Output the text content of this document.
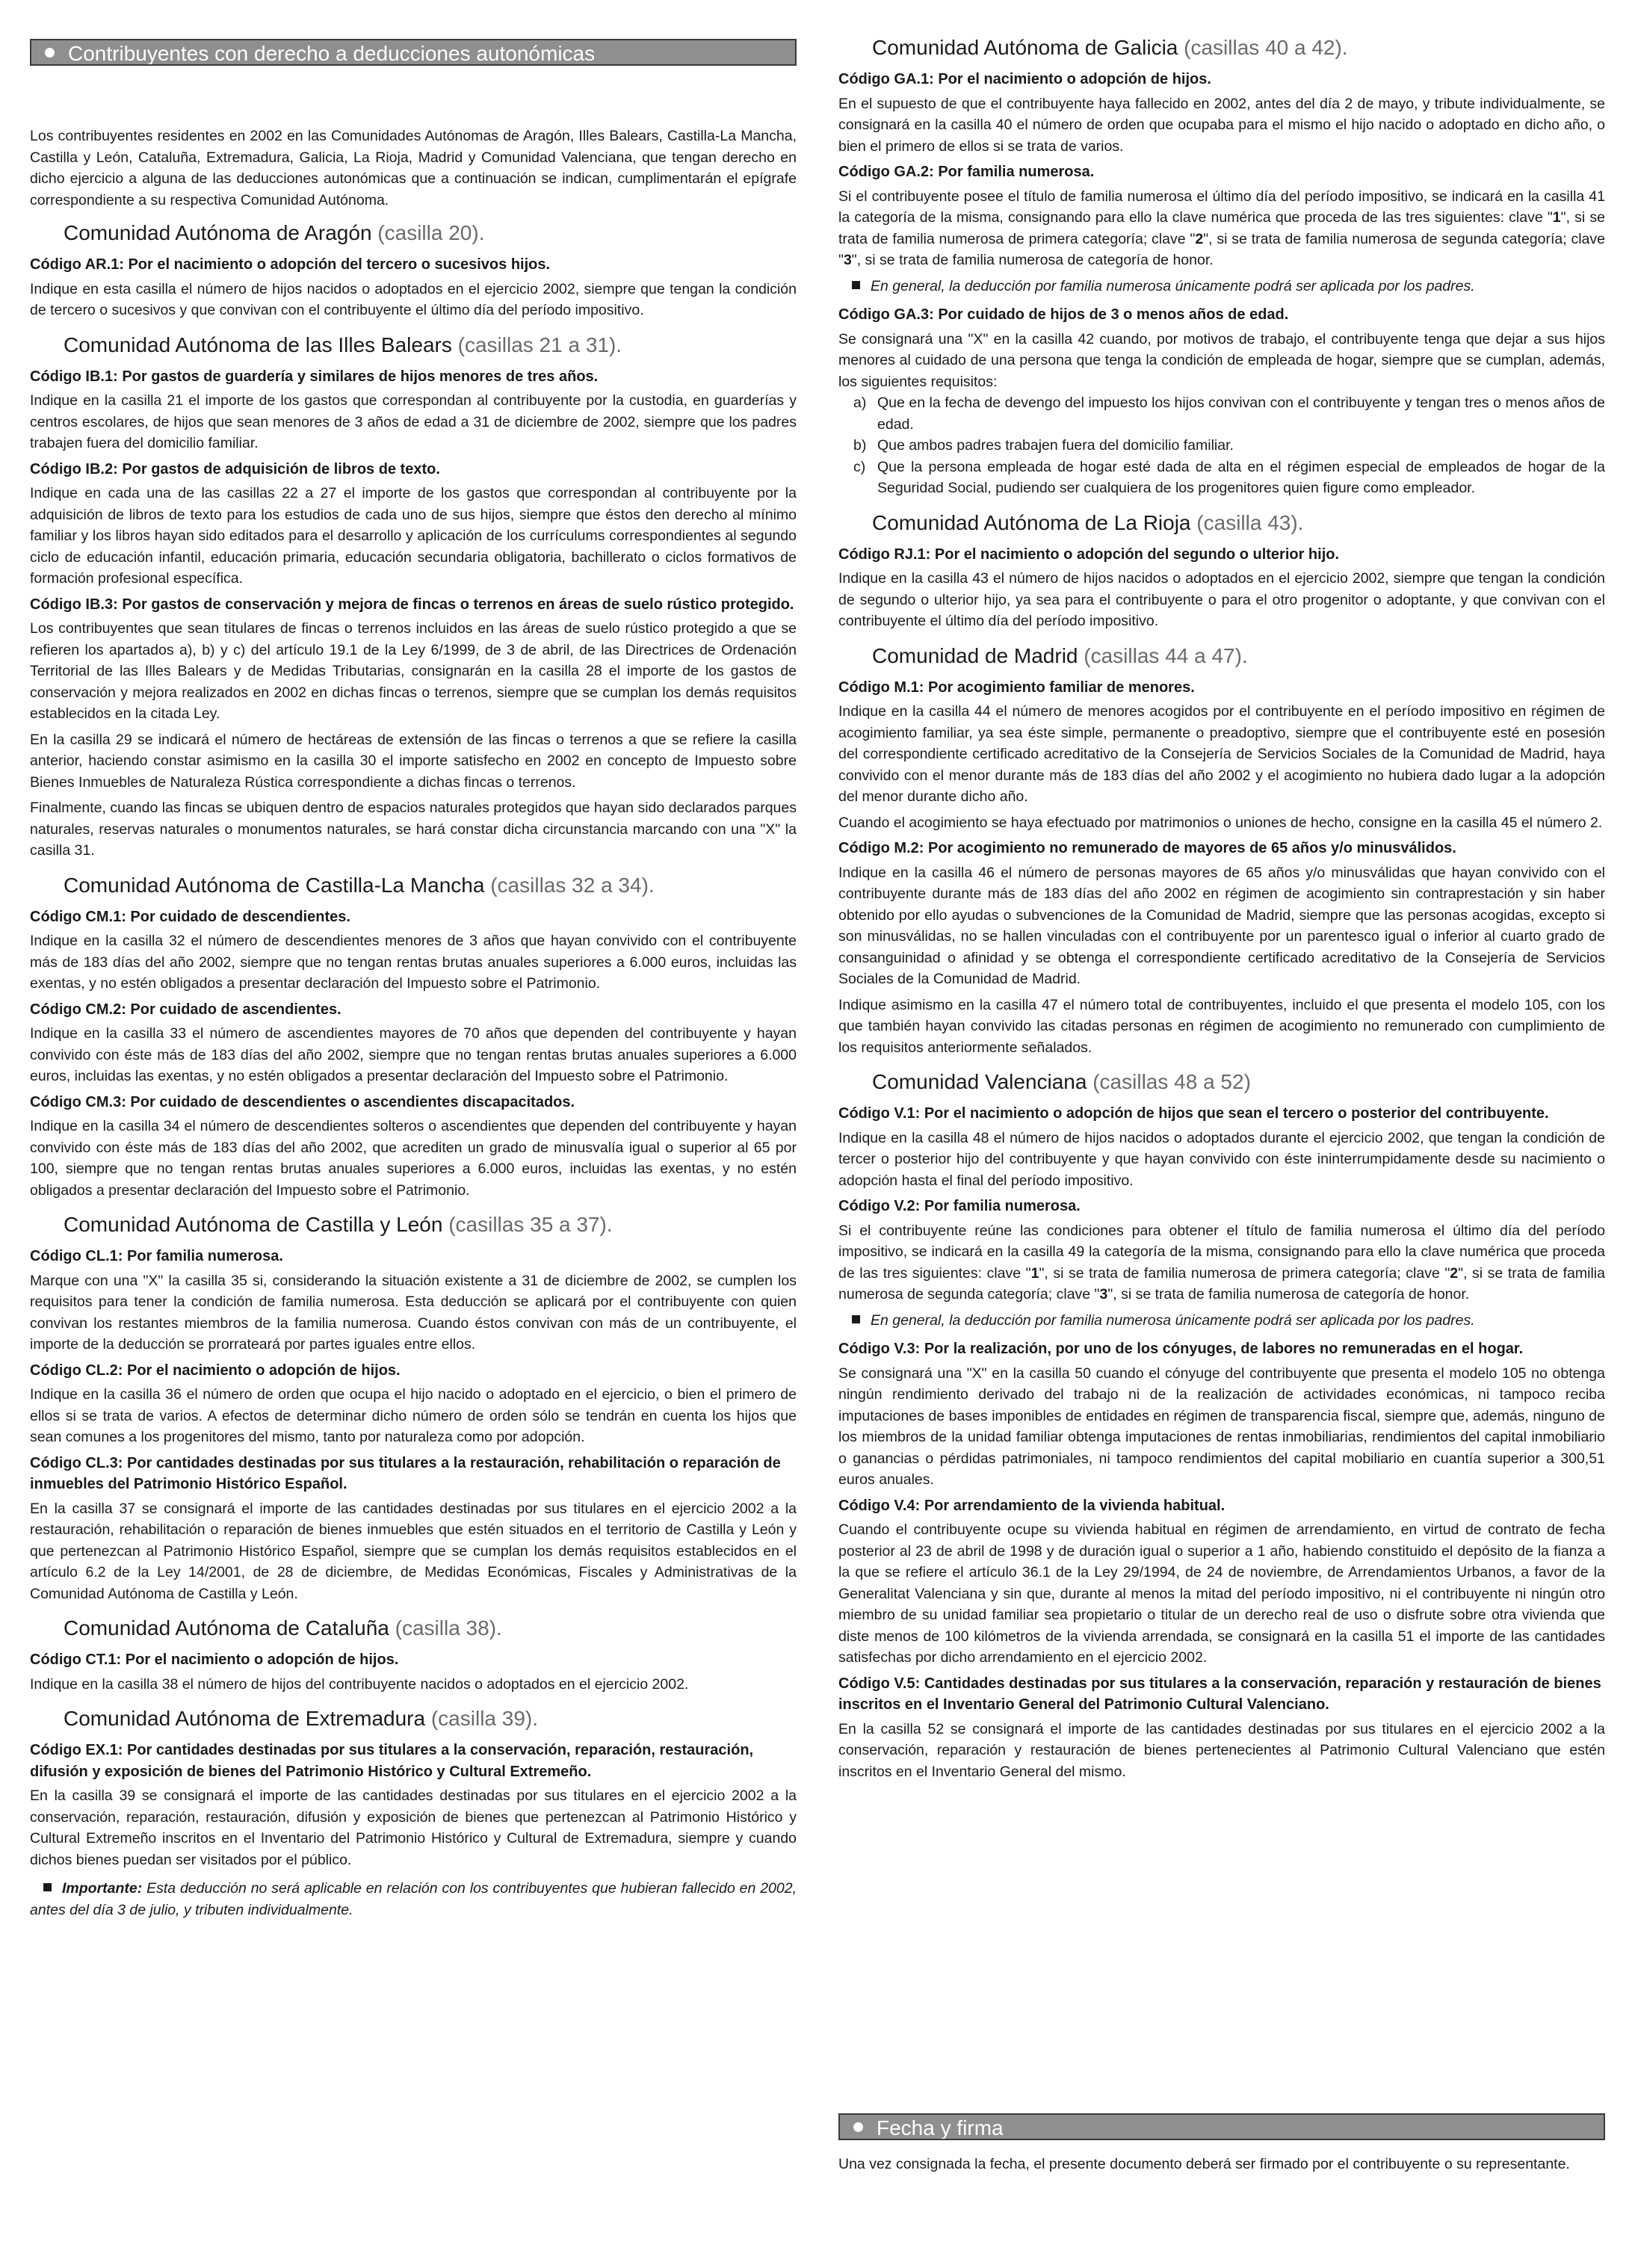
Contribuyentes con derecho a deducciones autonómicas

Los contribuyentes residentes en 2002 en las Comunidades Autónomas de Aragón, Illes Balears, Castilla-La Mancha, Castilla y León, Cataluña, Extremadura, Galicia, La Rioja, Madrid y Comunidad Valenciana, que tengan derecho en dicho ejercicio a alguna de las deducciones autonómicas que a continuación se indican, cumplimentarán el epígrafe correspondiente a su respectiva Comunidad Autónoma.

Comunidad Autónoma de Aragón (casilla 20).
Código AR.1: Por el nacimiento o adopción del tercero o sucesivos hijos.

Indique en esta casilla el número de hijos nacidos o adoptados en el ejercicio 2002, siempre que tengan la condición de tercero o sucesivos y que convivan con el contribuyente el último día del período impositivo.

Comunidad Autónoma de las Illes Balears (casillas 21 a 31).
Código IB.1: Por gastos de guardería y similares de hijos menores de tres años.

Indique en la casilla 21 el importe de los gastos que correspondan al contribuyente por la custodia, en guarderías y centros escolares, de hijos que sean menores de 3 años de edad a 31 de diciembre de 2002, siempre que los padres trabajen fuera del domicilio familiar.

Código IB.2: Por gastos de adquisición de libros de texto.

Indique en cada una de las casillas 22 a 27 el importe de los gastos que correspondan al contribuyente por la adquisición de libros de texto para los estudios de cada uno de sus hijos, siempre que éstos den derecho al mínimo familiar y los libros hayan sido editados para el desarrollo y aplicación de los currículums correspondientes al segundo ciclo de educación infantil, educación primaria, educación secundaria obligatoria, bachillerato o ciclos formativos de formación profesional específica.

Código IB.3: Por gastos de conservación y mejora de fincas o terrenos en áreas de suelo rústico protegido.

Los contribuyentes que sean titulares de fincas o terrenos incluidos en las áreas de suelo rústico protegido a que se refieren los apartados a), b) y c) del artículo 19.1 de la Ley 6/1999, de 3 de abril, de las Directrices de Ordenación Territorial de las Illes Balears y de Medidas Tributarias, consignarán en la casilla 28 el importe de los gastos de conservación y mejora realizados en 2002 en dichas fincas o terrenos, siempre que se cumplan los demás requisitos establecidos en la citada Ley.

En la casilla 29 se indicará el número de hectáreas de extensión de las fincas o terrenos a que se refiere la casilla anterior, haciendo constar asimismo en la casilla 30 el importe satisfecho en 2002 en concepto de Impuesto sobre Bienes Inmuebles de Naturaleza Rústica correspondiente a dichas fincas o terrenos.

Finalmente, cuando las fincas se ubiquen dentro de espacios naturales protegidos que hayan sido declarados parques naturales, reservas naturales o monumentos naturales, se hará constar dicha circunstancia marcando con una "X" la casilla 31.

Comunidad Autónoma de Castilla-La Mancha (casillas 32 a 34).
Código CM.1: Por cuidado de descendientes.

Indique en la casilla 32 el número de descendientes menores de 3 años que hayan convivido con el contribuyente más de 183 días del año 2002, siempre que no tengan rentas brutas anuales superiores a 6.000 euros, incluidas las exentas, y no estén obligados a presentar declaración del Impuesto sobre el Patrimonio.

Código CM.2: Por cuidado de ascendientes.

Indique en la casilla 33 el número de ascendientes mayores de 70 años que dependen del contribuyente y hayan convivido con éste más de 183 días del año 2002, siempre que no tengan rentas brutas anuales superiores a 6.000 euros, incluidas las exentas, y no estén obligados a presentar declaración del Impuesto sobre el Patrimonio.

Código CM.3: Por cuidado de descendientes o ascendientes discapacitados.

Indique en la casilla 34 el número de descendientes solteros o ascendientes que dependen del contribuyente y hayan convivido con éste más de 183 días del año 2002, que acrediten un grado de minusvalía igual o superior al 65 por 100, siempre que no tengan rentas brutas anuales superiores a 6.000 euros, incluidas las exentas, y no estén obligados a presentar declaración del Impuesto sobre el Patrimonio.

Comunidad Autónoma de Castilla y León (casillas 35 a 37).
Código CL.1: Por familia numerosa.

Marque con una "X" la casilla 35 si, considerando la situación existente a 31 de diciembre de 2002, se cumplen los requisitos para tener la condición de familia numerosa. Esta deducción se aplicará por el contribuyente con quien convivan los restantes miembros de la familia numerosa. Cuando éstos convivan con más de un contribuyente, el importe de la deducción se prorrateará por partes iguales entre ellos.

Código CL.2: Por el nacimiento o adopción de hijos.

Indique en la casilla 36 el número de orden que ocupa el hijo nacido o adoptado en el ejercicio, o bien el primero de ellos si se trata de varios. A efectos de determinar dicho número de orden sólo se tendrán en cuenta los hijos que sean comunes a los progenitores del mismo, tanto por naturaleza como por adopción.

Código CL.3: Por cantidades destinadas por sus titulares a la restauración, rehabilitación o reparación de inmuebles del Patrimonio Histórico Español.

En la casilla 37 se consignará el importe de las cantidades destinadas por sus titulares en el ejercicio 2002 a la restauración, rehabilitación o reparación de bienes inmuebles que estén situados en el territorio de Castilla y León y que pertenezcan al Patrimonio Histórico Español, siempre que se cumplan los demás requisitos establecidos en el artículo 6.2 de la Ley 14/2001, de 28 de diciembre, de Medidas Económicas, Fiscales y Administrativas de la Comunidad Autónoma de Castilla y León.

Comunidad Autónoma de Cataluña (casilla 38).
Código CT.1: Por el nacimiento o adopción de hijos.

Indique en la casilla 38 el número de hijos del contribuyente nacidos o adoptados en el ejercicio 2002.

Comunidad Autónoma de Extremadura (casilla 39).
Código EX.1: Por cantidades destinadas por sus titulares a la conservación, reparación, restauración, difusión y exposición de bienes del Patrimonio Histórico y Cultural Extremeño.

En la casilla 39 se consignará el importe de las cantidades destinadas por sus titulares en el ejercicio 2002 a la conservación, reparación, restauración, difusión y exposición de bienes que pertenezcan al Patrimonio Histórico y Cultural Extremeño inscritos en el Inventario del Patrimonio Histórico y Cultural de Extremadura, siempre y cuando dichos bienes puedan ser visitados por el público.

Importante: Esta deducción no será aplicable en relación con los contribuyentes que hubieran fallecido en 2002, antes del día 3 de julio, y tributen individualmente.
Comunidad Autónoma de Galicia (casillas 40 a 42).
Código GA.1: Por el nacimiento o adopción de hijos.

En el supuesto de que el contribuyente haya fallecido en 2002, antes del día 2 de mayo, y tribute individualmente, se consignará en la casilla 40 el número de orden que ocupaba para el mismo el hijo nacido o adoptado en dicho año, o bien el primero de ellos si se trata de varios.

Código GA.2: Por familia numerosa.

Si el contribuyente posee el título de familia numerosa el último día del período impositivo, se indicará en la casilla 41 la categoría de la misma, consignando para ello la clave numérica que proceda de las tres siguientes: clave "1", si se trata de familia numerosa de primera categoría; clave "2", si se trata de familia numerosa de segunda categoría; clave "3", si se trata de familia numerosa de categoría de honor.

En general, la deducción por familia numerosa únicamente podrá ser aplicada por los padres.
Código GA.3: Por cuidado de hijos de 3 o menos años de edad.

Se consignará una "X" en la casilla 42 cuando, por motivos de trabajo, el contribuyente tenga que dejar a sus hijos menores al cuidado de una persona que tenga la condición de empleada de hogar, siempre que se cumplan, además, los siguientes requisitos:

a) Que en la fecha de devengo del impuesto los hijos convivan con el contribuyente y tengan tres o menos años de edad.
b) Que ambos padres trabajen fuera del domicilio familiar.
c) Que la persona empleada de hogar esté dada de alta en el régimen especial de empleados de hogar de la Seguridad Social, pudiendo ser cualquiera de los progenitores quien figure como empleador.
Comunidad Autónoma de La Rioja (casilla 43).
Código RJ.1: Por el nacimiento o adopción del segundo o ulterior hijo.

Indique en la casilla 43 el número de hijos nacidos o adoptados en el ejercicio 2002, siempre que tengan la condición de segundo o ulterior hijo, ya sea para el contribuyente o para el otro progenitor o adoptante, y que convivan con el contribuyente el último día del período impositivo.

Comunidad de Madrid (casillas 44 a 47).
Código M.1: Por acogimiento familiar de menores.

Indique en la casilla 44 el número de menores acogidos por el contribuyente en el período impositivo en régimen de acogimiento familiar, ya sea éste simple, permanente o preadoptivo, siempre que el contribuyente esté en posesión del correspondiente certificado acreditativo de la Consejería de Servicios Sociales de la Comunidad de Madrid, haya convivido con el menor durante más de 183 días del año 2002 y el acogimiento no hubiera dado lugar a la adopción del menor durante dicho año.

Cuando el acogimiento se haya efectuado por matrimonios o uniones de hecho, consigne en la casilla 45 el número 2.

Código M.2: Por acogimiento no remunerado de mayores de 65 años y/o minusválidos.

Indique en la casilla 46 el número de personas mayores de 65 años y/o minusválidas que hayan convivido con el contribuyente durante más de 183 días del año 2002 en régimen de acogimiento sin contraprestación y sin haber obtenido por ello ayudas o subvenciones de la Comunidad de Madrid, siempre que las personas acogidas, excepto si son minusválidas, no se hallen vinculadas con el contribuyente por un parentesco igual o inferior al cuarto grado de consanguinidad o afinidad y se obtenga el correspondiente certificado acreditativo de la Consejería de Servicios Sociales de la Comunidad de Madrid.

Indique asimismo en la casilla 47 el número total de contribuyentes, incluido el que presenta el modelo 105, con los que también hayan convivido las citadas personas en régimen de acogimiento no remunerado con cumplimiento de los requisitos anteriormente señalados.

Comunidad Valenciana (casillas 48 a 52)
Código V.1: Por el nacimiento o adopción de hijos que sean el tercero o posterior del contribuyente.

Indique en la casilla 48 el número de hijos nacidos o adoptados durante el ejercicio 2002, que tengan la condición de tercer o posterior hijo del contribuyente y que hayan convivido con éste ininterrumpidamente desde su nacimiento o adopción hasta el final del período impositivo.

Código V.2: Por familia numerosa.

Si el contribuyente reúne las condiciones para obtener el título de familia numerosa el último día del período impositivo, se indicará en la casilla 49 la categoría de la misma, consignando para ello la clave numérica que proceda de las tres siguientes: clave "1", si se trata de familia numerosa de primera categoría; clave "2", si se trata de familia numerosa de segunda categoría; clave "3", si se trata de familia numerosa de categoría de honor.

En general, la deducción por familia numerosa únicamente podrá ser aplicada por los padres.
Código V.3: Por la realización, por uno de los cónyuges, de labores no remuneradas en el hogar.

Se consignará una "X" en la casilla 50 cuando el cónyuge del contribuyente que presenta el modelo 105 no obtenga ningún rendimiento derivado del trabajo ni de la realización de actividades económicas, ni tampoco reciba imputaciones de bases imponibles de entidades en régimen de transparencia fiscal, siempre que, además, ninguno de los miembros de la unidad familiar obtenga imputaciones de rentas inmobiliarias, rendimientos del capital inmobiliario o ganancias o pérdidas patrimoniales, ni tampoco rendimientos del capital mobiliario en cuantía superior a 300,51 euros anuales.

Código V.4: Por arrendamiento de la vivienda habitual.

Cuando el contribuyente ocupe su vivienda habitual en régimen de arrendamiento, en virtud de contrato de fecha posterior al 23 de abril de 1998 y de duración igual o superior a 1 año, habiendo constituido el depósito de la fianza a la que se refiere el artículo 36.1 de la Ley 29/1994, de 24 de noviembre, de Arrendamientos Urbanos, a favor de la Generalitat Valenciana y sin que, durante al menos la mitad del período impositivo, ni el contribuyente ni ningún otro miembro de su unidad familiar sea propietario o titular de un derecho real de uso o disfrute sobre otra vivienda que diste menos de 100 kilómetros de la vivienda arrendada, se consignará en la casilla 51 el importe de las cantidades satisfechas por dicho arrendamiento en el ejercicio 2002.

Código V.5: Cantidades destinadas por sus titulares a la conservación, reparación y restauración de bienes inscritos en el Inventario General del Patrimonio Cultural Valenciano.

En la casilla 52 se consignará el importe de las cantidades destinadas por sus titulares en el ejercicio 2002 a la conservación, reparación y restauración de bienes pertenecientes al Patrimonio Cultural Valenciano que estén inscritos en el Inventario General del mismo.

Fecha y firma

Una vez consignada la fecha, el presente documento deberá ser firmado por el contribuyente o su representante.
